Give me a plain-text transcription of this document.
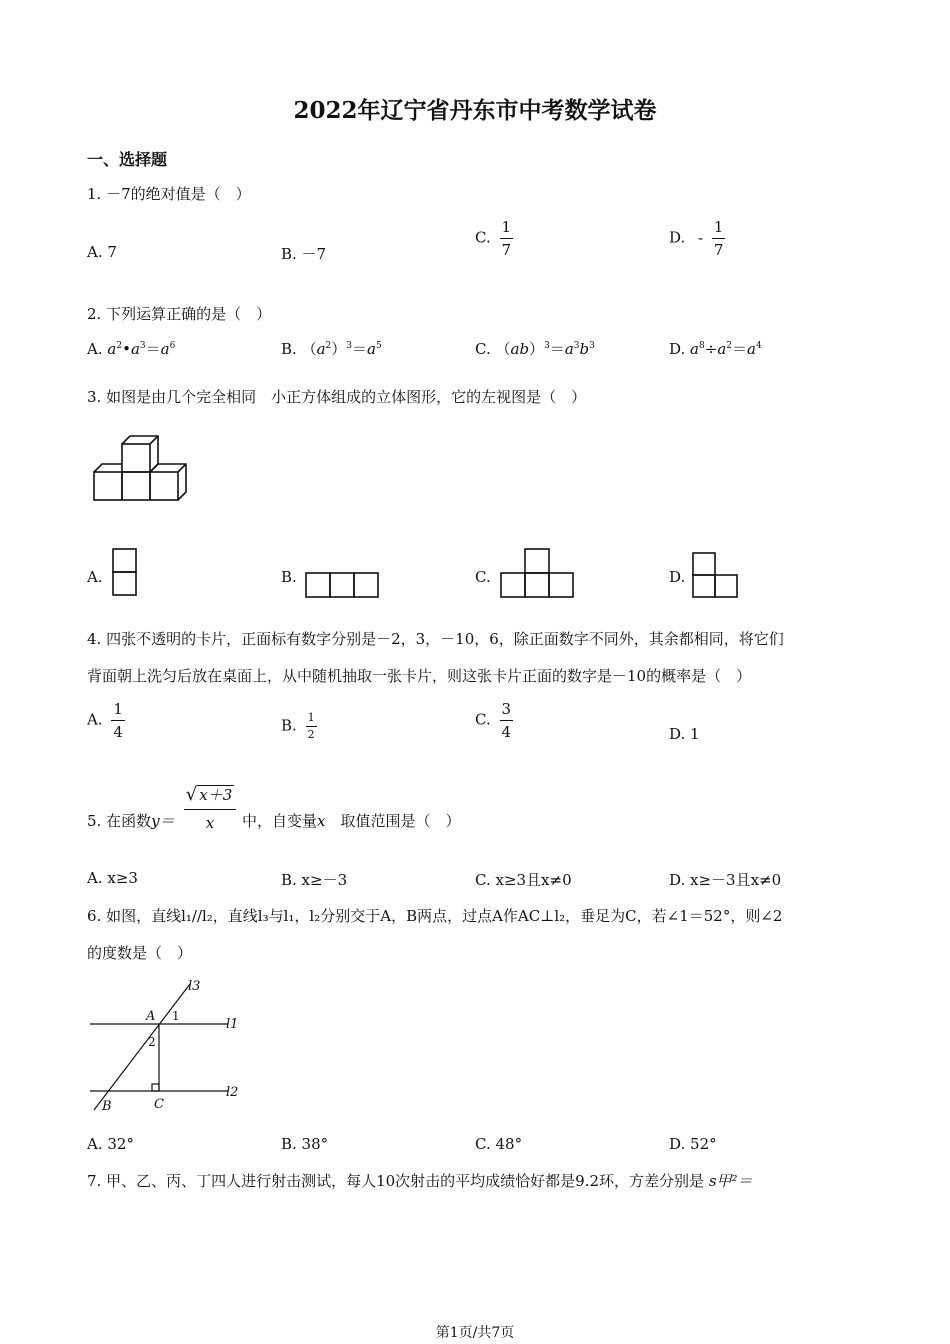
2022年辽宁省丹东市中考数学试卷
一、选择题
1. －7的绝对值是（　）
A. 7	B. －7
C. $\frac{1}{7}$	D. - $\frac{1}{7}$
2. 下列运算正确的是（　）
A. $a^2•a^3=a^6$	B. $(a^2)^3=a^5$	C. $(ab)^3=a^3b^3$	D. $a^8\div a^2=a^4$
3. 如图是由几个完全相同　小正方体组成的立体图形，它的左视图是（　）
A.	B.	C.	D.
4. 四张不透明的卡片，正面标有数字分别是－2，3，－10，6，除正面数字不同外，其余都相同，将它们
背面朝上洗匀后放在桌面上，从中随机抽取一张卡片，则这张卡片正面的数字是－10的概率是（　）
A. $\frac{1}{4}$	B. $\frac{1}{2}$	C. $\frac{3}{4}$	D. 1
5. 在函数$y= \frac{√ x+3}{x}$ 中，自变量x　取值范围是（　）
A. x≥3	B. x≥－3	C. x≥3且x≠0	D. x≥－3且x≠0
6. 如图，直线l₁//l₂，直线l₃与l₁，l₂分别交于A，B两点，过点A作AC⊥l₂，垂足为C，若∠1＝52°，则∠2
的度数是（　）
l3
l1
l2
A
B	C
1
2
A. 32°	B. 38°	C. 48°	D. 52°
7. 甲、乙、丙、丁四人进行射击测试，每人10次射击的平均成绩恰好都是9.2环，方差分别是 s甲²＝
第1页/共7页
